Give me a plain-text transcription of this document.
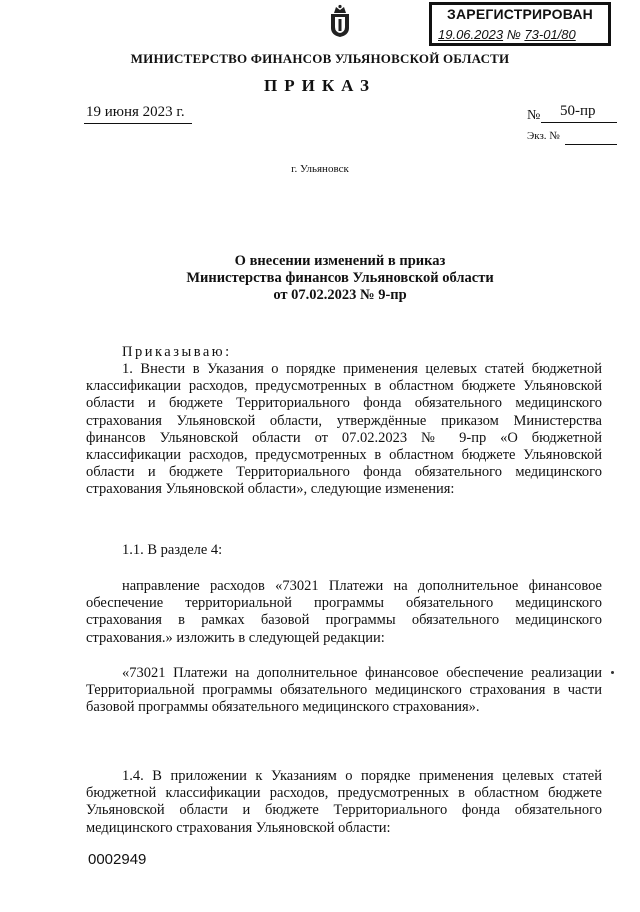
ЗАРЕГИСТРИРОВАН
19.06.2023 № 73-01/80
МИНИСТЕРСТВО ФИНАНСОВ УЛЬЯНОВСКОЙ ОБЛАСТИ
ПРИКАЗ
19 июня 2023 г.	№ 50-пр
Экз. №
г. Ульяновск
О внесении изменений в приказ
Министерства финансов Ульяновской области
от 07.02.2023 № 9-пр
Приказываю:
1. Внести в Указания о порядке применения целевых статей бюджетной классификации расходов, предусмотренных в областном бюджете Ульяновской области и бюджете Территориального фонда обязательного медицинского страхования Ульяновской области, утверждённые приказом Министерства финансов Ульяновской области от 07.02.2023 № 9-пр «О бюджетной классификации расходов, предусмотренных в областном бюджете Ульяновской области и бюджете Территориального фонда обязательного медицинского страхования Ульяновской области», следующие изменения:
1.1. В разделе 4:
направление расходов «73021 Платежи на дополнительное финансовое обеспечение территориальной программы обязательного медицинского страхования в рамках базовой программы обязательного медицинского страхования.» изложить в следующей редакции:
«73021 Платежи на дополнительное финансовое обеспечение реализации Территориальной программы обязательного медицинского страхования в части базовой программы обязательного медицинского страхования».
1.4. В приложении к Указаниям о порядке применения целевых статей бюджетной классификации расходов, предусмотренных в областном бюджете Ульяновской области и бюджете Территориального фонда обязательного медицинского страхования Ульяновской области:
0002949
